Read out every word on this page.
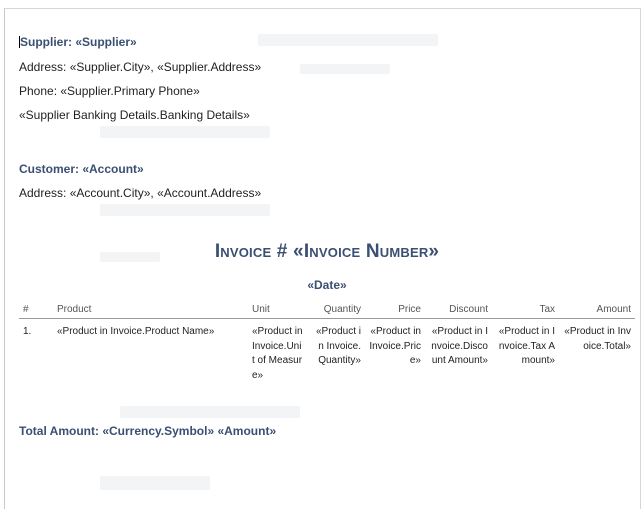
Supplier: «Supplier»
Address: «Supplier.City», «Supplier.Address»
Phone: «Supplier.Primary Phone»
«Supplier Banking Details.Banking Details»
Customer: «Account»
Address: «Account.City», «Account.Address»
Invoice # «Invoice Number»
«Date»
#	Product	Unit	Quantity	Price	Discount	Tax	Amount
1.	«Product in Invoice.Product Name»	«Product in Invoice.Unit of Measure»	«Product in Invoice.Quantity»	«Product in Invoice.Price»	«Product in Invoice.Discount Amount»	«Product in Invoice.Tax Amount»	«Product in Invoice.Total»
Total Amount: «Currency.Symbol» «Amount»
